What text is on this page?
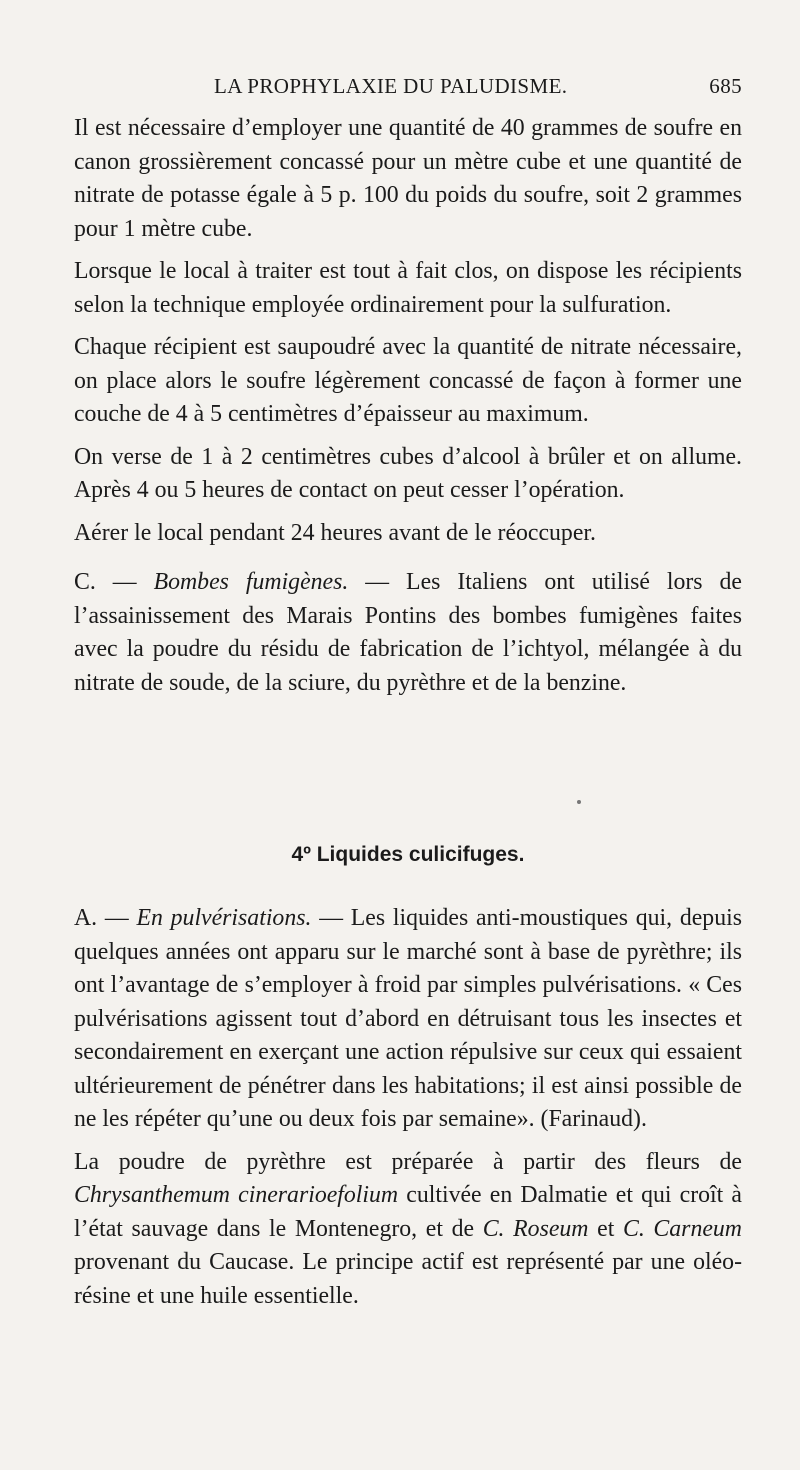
LA PROPHYLAXIE DU PALUDISME.	685

Il est nécessaire d’employer une quantité de 40 grammes de soufre en canon grossièrement concassé pour un mètre cube et une quantité de nitrate de potasse égale à 5 p. 100 du poids du soufre, soit 2 grammes pour 1 mètre cube.

Lorsque le local à traiter est tout à fait clos, on dispose les récipients selon la technique employée ordinairement pour la sulfuration.

Chaque récipient est saupoudré avec la quantité de nitrate nécessaire, on place alors le soufre légèrement concassé de façon à former une couche de 4 à 5 centimètres d’épaisseur au maximum.

On verse de 1 à 2 centimètres cubes d’alcool à brûler et on allume. Après 4 ou 5 heures de contact on peut cesser l’opération.

Aérer le local pendant 24 heures avant de le réoccuper.

C. — Bombes fumigènes. — Les Italiens ont utilisé lors de l’assainissement des Marais Pontins des bombes fumigènes faites avec la poudre du résidu de fabrication de l’ichtyol, mélangée à du nitrate de soude, de la sciure, du pyrèthre et de la benzine.

4º Liquides culicifuges.

A. — En pulvérisations. — Les liquides anti-moustiques qui, depuis quelques années ont apparu sur le marché sont à base de pyrèthre; ils ont l’avantage de s’employer à froid par simples pulvérisations. « Ces pulvérisations agissent tout d’abord en détruisant tous les insectes et secondairement en exerçant une action répulsive sur ceux qui essaient ultérieurement de pénétrer dans les habitations; il est ainsi possible de ne les répéter qu’une ou deux fois par semaine». (Farinaud).

La poudre de pyrèthre est préparée à partir des fleurs de Chrysanthemum cinerarioefolium cultivée en Dalmatie et qui croît à l’état sauvage dans le Montenegro, et de C. Roseum et C. Carneum provenant du Caucase. Le principe actif est représenté par une oléo-résine et une huile essentielle.
